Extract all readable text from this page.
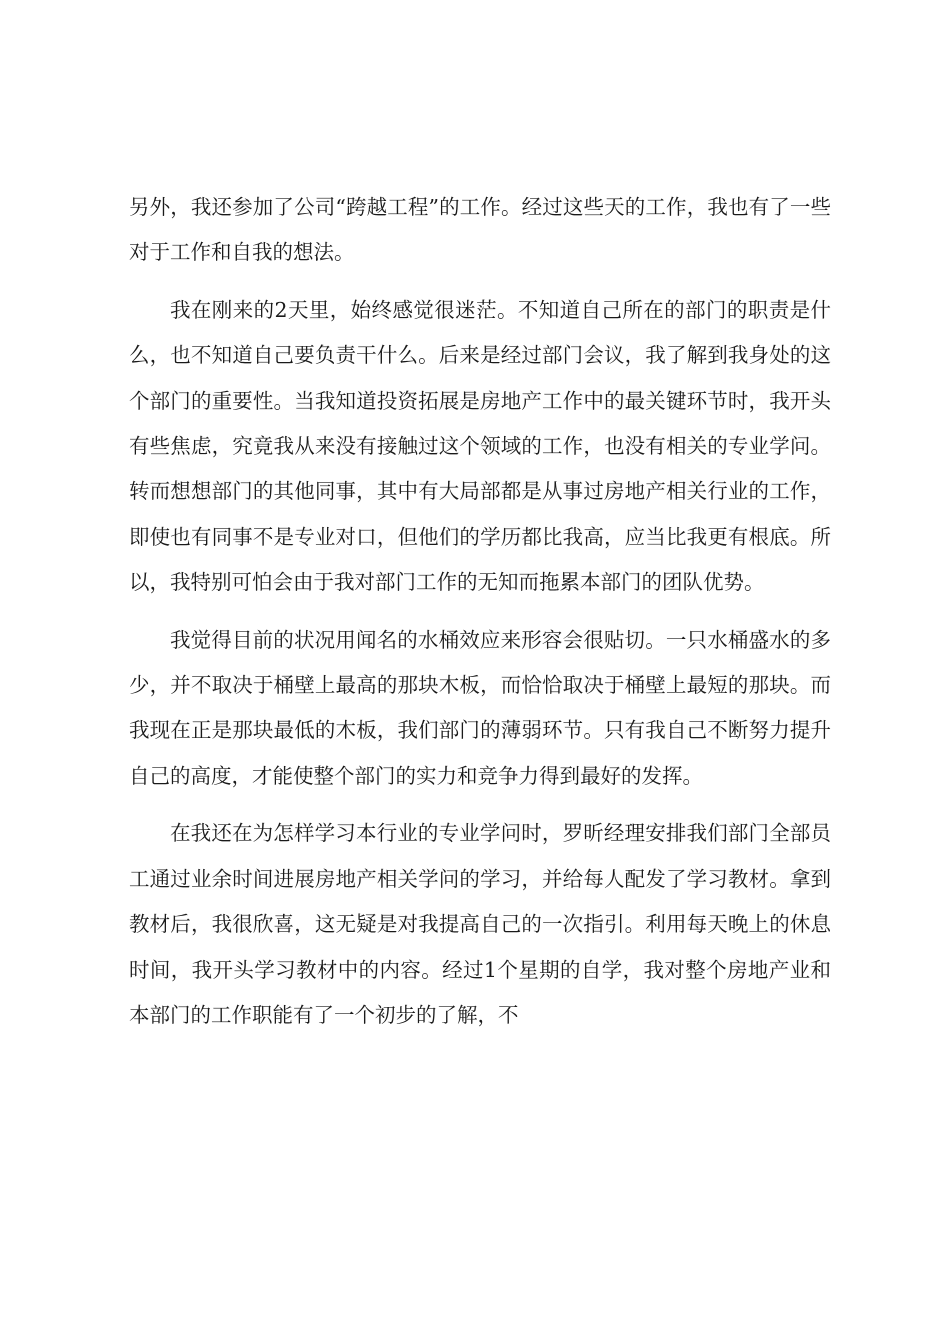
另外，我还参加了公司“跨越工程”的工作。经过这些天的工作，我也有了一些对于工作和自我的想法。

我在刚来的2天里，始终感觉很迷茫。不知道自己所在的部门的职责是什么，也不知道自己要负责干什么。后来是经过部门会议，我了解到我身处的这个部门的重要性。当我知道投资拓展是房地产工作中的最关键环节时，我开头有些焦虑，究竟我从来没有接触过这个领域的工作，也没有相关的专业学问。转而想想部门的其他同事，其中有大局部都是从事过房地产相关行业的工作，即使也有同事不是专业对口，但他们的学历都比我高，应当比我更有根底。所以，我特别可怕会由于我对部门工作的无知而拖累本部门的团队优势。

我觉得目前的状况用闻名的水桶效应来形容会很贴切。一只水桶盛水的多少，并不取决于桶壁上最高的那块木板，而恰恰取决于桶壁上最短的那块。而我现在正是那块最低的木板，我们部门的薄弱环节。只有我自己不断努力提升自己的高度，才能使整个部门的实力和竞争力得到最好的发挥。

在我还在为怎样学习本行业的专业学问时，罗昕经理安排我们部门全部员工通过业余时间进展房地产相关学问的学习，并给每人配发了学习教材。拿到教材后，我很欣喜，这无疑是对我提高自己的一次指引。利用每天晚上的休息时间，我开头学习教材中的内容。经过1个星期的自学，我对整个房地产业和本部门的工作职能有了一个初步的了解，不
